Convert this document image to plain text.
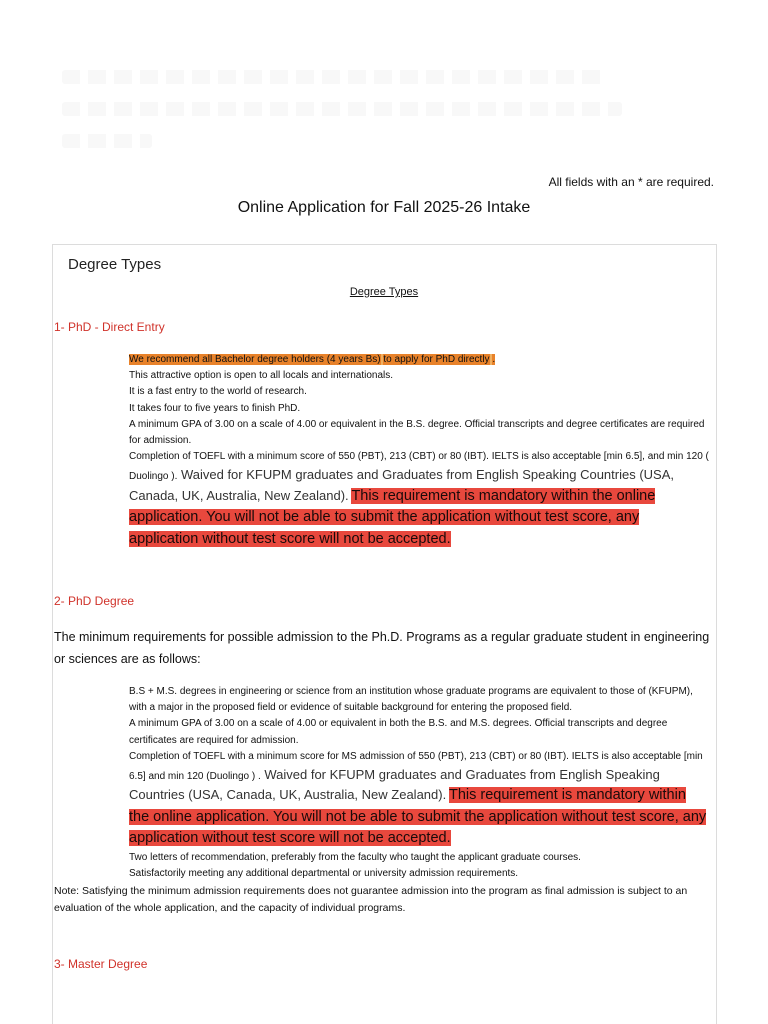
All fields with an * are required.
Online Application for Fall 2025-26 Intake
Degree Types
Degree Types
1- PhD - Direct Entry

We recommend all Bachelor degree holders (4 years Bs) to apply for PhD directly .

This attractive option is open to all locals and internationals.

It is a fast entry to the world of research.

It takes four to five years to finish PhD.

A minimum GPA of 3.00 on a scale of 4.00 or equivalent in the B.S. degree. Official transcripts and degree certificates are required for admission.

Completion of TOEFL with a minimum score of 550 (PBT), 213 (CBT) or 80 (IBT). IELTS is also acceptable [min 6.5], and min 120 ( Duolingo ). Waived for KFUPM graduates and Graduates from English Speaking Countries (USA, Canada, UK, Australia, New Zealand). This requirement is mandatory within the online application. You will not be able to submit the application without test score, any application without test score will not be accepted.

2- PhD Degree
The minimum requirements for possible admission to the Ph.D. Programs as a regular graduate student in engineering or sciences are as follows:

B.S + M.S. degrees in engineering or science from an institution whose graduate programs are equivalent to those of (KFUPM), with a major in the proposed field or evidence of suitable background for entering the proposed field.

A minimum GPA of 3.00 on a scale of 4.00 or equivalent in both the B.S. and M.S. degrees. Official transcripts and degree certificates are required for admission.

Completion of TOEFL with a minimum score for MS admission of 550 (PBT), 213 (CBT) or 80 (IBT). IELTS is also acceptable [min 6.5] and min 120 (Duolingo ) . Waived for KFUPM graduates and Graduates from English Speaking Countries (USA, Canada, UK, Australia, New Zealand). This requirement is mandatory within the online application. You will not be able to submit the application without test score, any application without test score will not be accepted.

Two letters of recommendation, preferably from the faculty who taught the applicant graduate courses.

Satisfactorily meeting any additional departmental or university admission requirements.

Note: Satisfying the minimum admission requirements does not guarantee admission into the program as final admission is subject to an evaluation of the whole application, and the capacity of individual programs.
3- Master Degree
